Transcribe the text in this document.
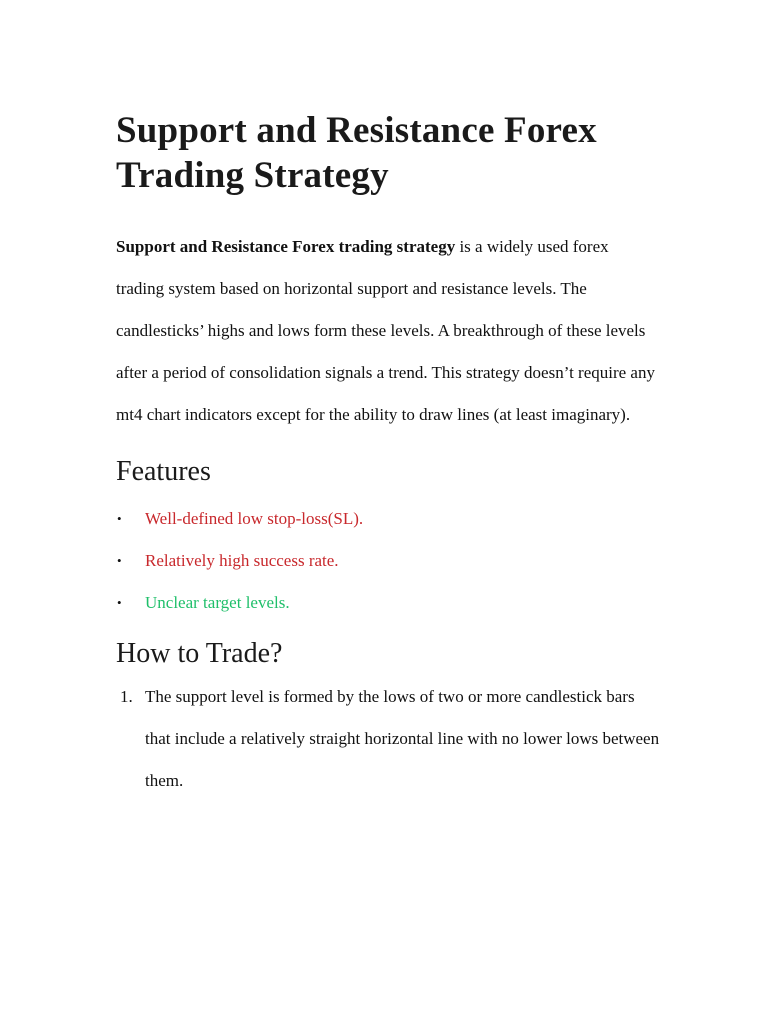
Support and Resistance Forex Trading Strategy

Support and Resistance Forex trading strategy is a widely used forex trading system based on horizontal support and resistance levels. The candlesticks’ highs and lows form these levels. A breakthrough of these levels after a period of consolidation signals a trend. This strategy doesn’t require any mt4 chart indicators except for the ability to draw lines (at least imaginary).

Features
• Well-defined low stop-loss(SL).
• Relatively high success rate.
• Unclear target levels.
How to Trade?
1. The support level is formed by the lows of two or more candlestick bars that include a relatively straight horizontal line with no lower lows between them.
